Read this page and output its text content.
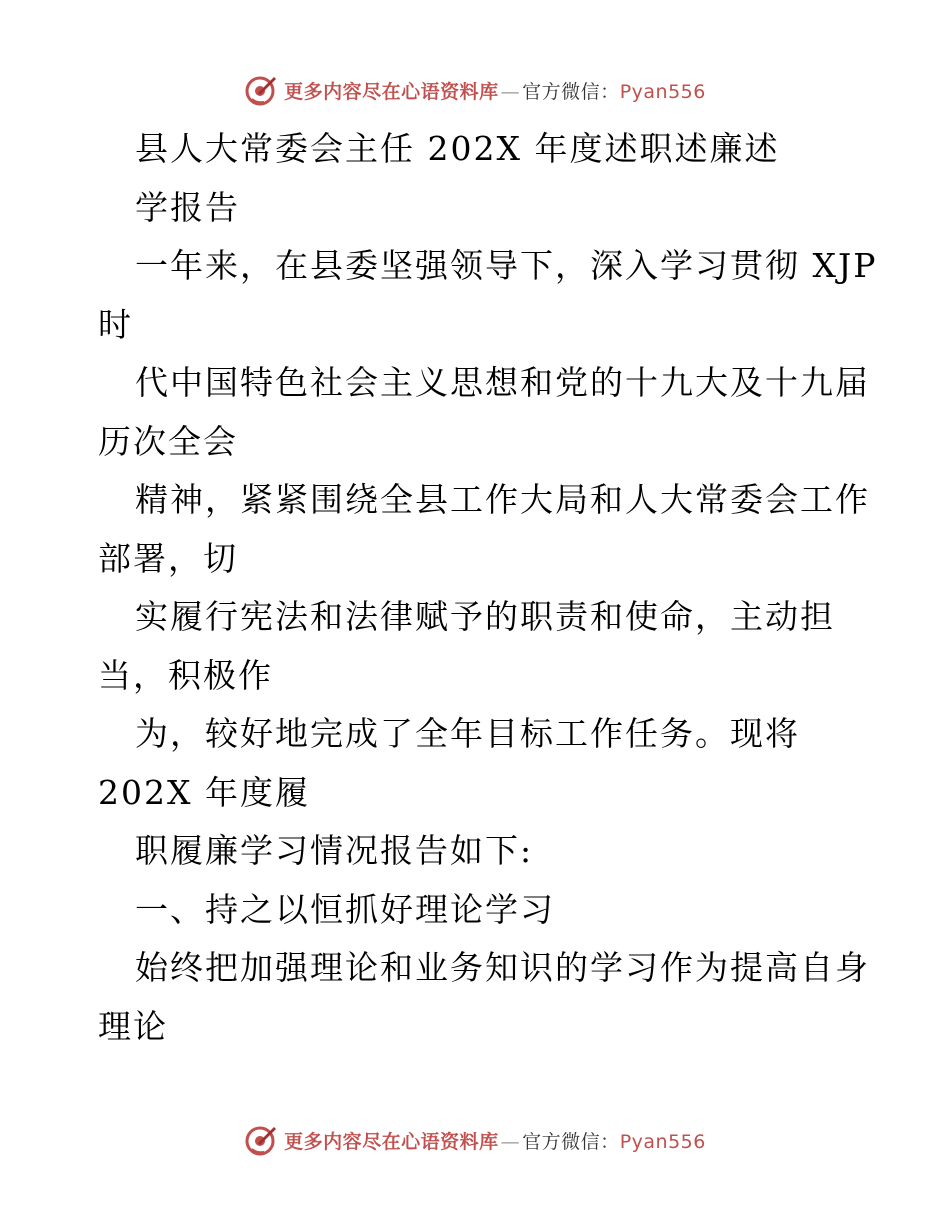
更多内容尽在心语资料库 — 官方微信：Pyan556
县人大常委会主任 202X 年度述职述廉述
学报告
一年来，在县委坚强领导下，深入学习贯彻 XJP
时
代中国特色社会主义思想和党的十九大及十九届
历次全会
精神，紧紧围绕全县工作大局和人大常委会工作
部署，切
实履行宪法和法律赋予的职责和使命，主动担
当，积极作
为，较好地完成了全年目标工作任务。现将
202X 年度履
职履廉学习情况报告如下:
一、持之以恒抓好理论学习
始终把加强理论和业务知识的学习作为提高自身
理论
更多内容尽在心语资料库 — 官方微信：Pyan556
